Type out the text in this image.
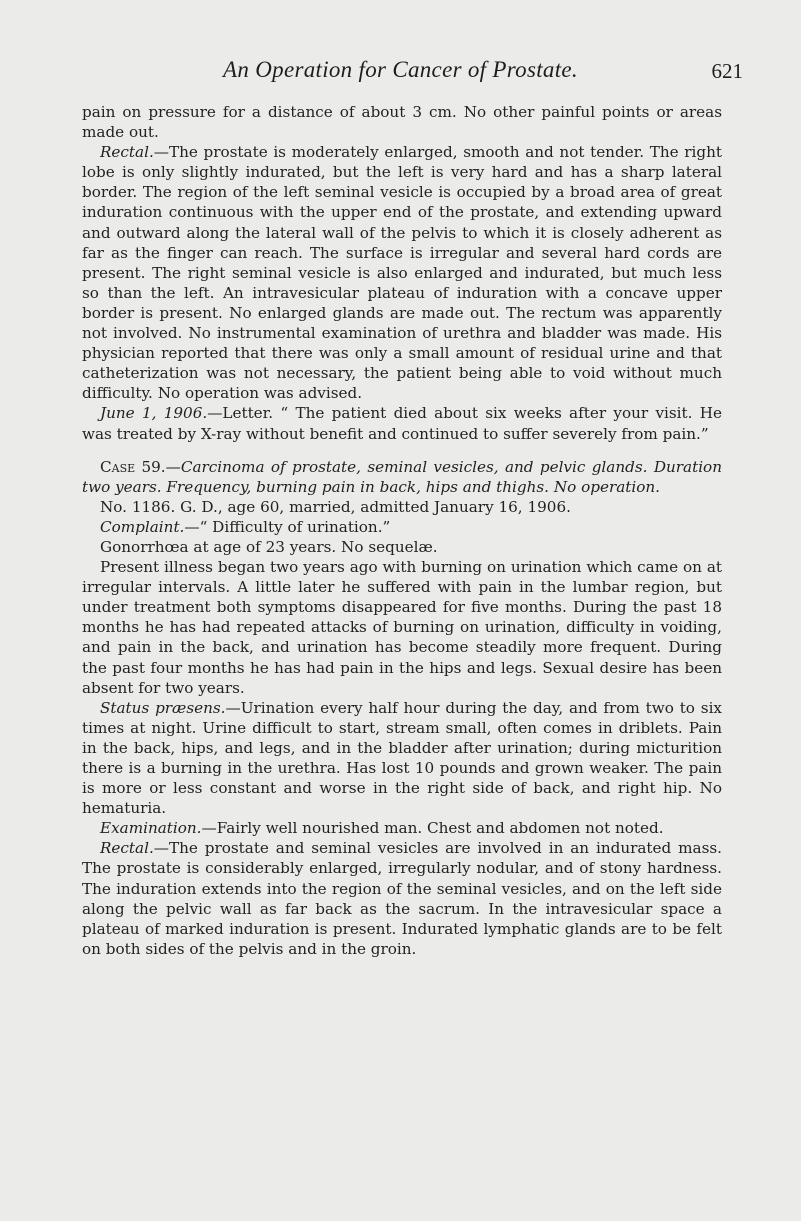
An Operation for Cancer of Prostate.	621

pain on pressure for a distance of about 3 cm. No other painful points or areas made out.

Rectal.—The prostate is moderately enlarged, smooth and not tender. The right lobe is only slightly indurated, but the left is very hard and has a sharp lateral border. The region of the left seminal vesicle is occupied by a broad area of great induration continuous with the upper end of the prostate, and extending upward and outward along the lateral wall of the pelvis to which it is closely adherent as far as the finger can reach. The surface is irregular and several hard cords are present. The right seminal vesicle is also enlarged and indurated, but much less so than the left. An intravesicular plateau of induration with a concave upper border is present. No enlarged glands are made out. The rectum was apparently not involved. No instrumental examination of urethra and bladder was made. His physician reported that there was only a small amount of residual urine and that catheterization was not necessary, the patient being able to void without much difficulty. No operation was advised.

June 1, 1906.—Letter. “ The patient died about six weeks after your visit. He was treated by X-ray without benefit and continued to suffer severely from pain.”

Case 59.—Carcinoma of prostate, seminal vesicles, and pelvic glands. Duration two years. Frequency, burning pain in back, hips and thighs. No operation.

No. 1186. G. D., age 60, married, admitted January 16, 1906.

Complaint.—“ Difficulty of urination.”

Gonorrhœa at age of 23 years. No sequelæ.

Present illness began two years ago with burning on urination which came on at irregular intervals. A little later he suffered with pain in the lumbar region, but under treatment both symptoms disappeared for five months. During the past 18 months he has had repeated attacks of burning on urination, difficulty in voiding, and pain in the back, and urination has become steadily more frequent. During the past four months he has had pain in the hips and legs. Sexual desire has been absent for two years.

Status præsens.—Urination every half hour during the day, and from two to six times at night. Urine difficult to start, stream small, often comes in driblets. Pain in the back, hips, and legs, and in the bladder after urination; during micturition there is a burning in the urethra. Has lost 10 pounds and grown weaker. The pain is more or less constant and worse in the right side of back, and right hip. No hematuria.

Examination.—Fairly well nourished man. Chest and abdomen not noted.

Rectal.—The prostate and seminal vesicles are involved in an indurated mass. The prostate is considerably enlarged, irregularly nodular, and of stony hardness. The induration extends into the region of the seminal vesicles, and on the left side along the pelvic wall as far back as the sacrum. In the intravesicular space a plateau of marked induration is present. Indurated lymphatic glands are to be felt on both sides of the pelvis and in the groin.
